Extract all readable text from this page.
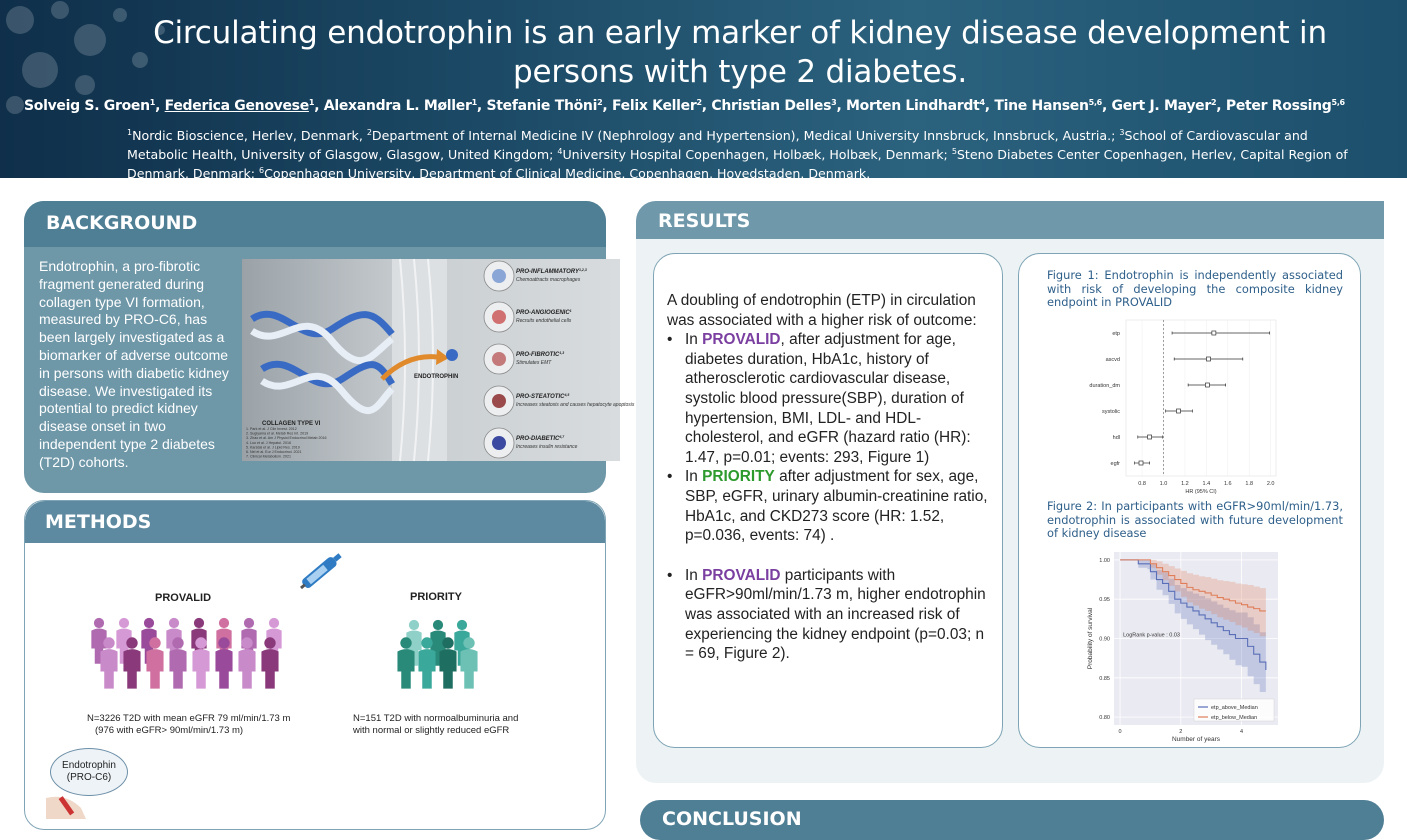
Circulating endotrophin is an early marker of kidney disease development in
persons with type 2 diabetes.
Solveig S. Groen$^1$, Federica Genovese$^1$, Alexandra L. Møller$^1$, Stefanie Thöni$^2$, Felix Keller$^2$, Christian Delles$^3$, Morten Lindhardt$^4$, Tine Hansen$^{5,6}$, Gert J. Mayer$^2$, Peter Rossing$^{5,6}$
$^1$Nordic Bioscience, Herlev, Denmark, $^2$Department of Internal Medicine IV (Nephrology and Hypertension), Medical University Innsbruck, Innsbruck, Austria.; $^3$School of Cardiovascular and Metabolic Health, University of Glasgow, Glasgow, United Kingdom; $^4$University Hospital Copenhagen, Holbæk, Holbæk, Denmark; $^5$Steno Diabetes Center Copenhagen, Herlev, Capital Region of Denmark, Denmark; $^6$Copenhagen University, Department of Clinical Medicine, Copenhagen, Hovedstaden, Denmark.
BACKGROUND
Endotrophin, a pro-fibrotic fragment generated during collagen type VI formation, measured by PRO-C6, has been largely investigated as a biomarker of adverse outcome in persons with diabetic kidney disease. We investigated its potential to predict kidney disease onset in two independent type 2 diabetes (T2D) cohorts.
ENDOTROPHIN
COLLAGEN TYPE VI
1. Park et al. J Clin Invest. 2012
2. Sugiyama et al. Metab Res Int. 2019
3. Zhao et al. Am J Physiol Endocrinol Metab 2016
4. Luo et al. J Hepatol. 2016
5. Karsdal et al. J Lipid Res. 2019
6. Nel et al. Eur J Endocrinol. 2021
7. Clinical Metabolism. 2021
PRO-INFLAMMATORY$^{1,2,3}$
Chemoattracts macrophages
PRO-ANGIOGENIC$^1$
Recruits endothelial cells
PRO-FIBROTIC$^{1,3}$
Stimulates EMT
PRO-STEATOTIC$^{4,5}$
Increases steatosis and causes hepatocyte apoptosis
PRO-DIABETIC$^{6,7}$
Increases insulin resistance
METHODS
PROVALID	PRIORITY
N=3226 T2D with mean eGFR 79 ml/min/1.73 m
(976 with eGFR> 90ml/min/1.73 m)
N=151 T2D with normoalbuminuria and
with normal or slightly reduced eGFR
Endotrophin
(PRO-C6)
RESULTS
A doubling of endotrophin (ETP) in circulation was associated with a higher risk of outcome:
• In PROVALID, after adjustment for age, diabetes duration, HbA1c, history of atherosclerotic cardiovascular disease, systolic blood pressure(SBP), duration of hypertension, BMI, LDL- and HDL-cholesterol, and eGFR (hazard ratio (HR): 1.47, p=0.01; events: 293, Figure 1)
• In PRIORITY after adjustment for sex, age, SBP, eGFR, urinary albumin-creatinine ratio, HbA1c, and CKD273 score (HR: 1.52, p=0.036, events: 74) .
• In PROVALID participants with eGFR>90ml/min/1.73 m, higher endotrophin was associated with an increased risk of experiencing the kidney endpoint (p=0.03; n = 69, Figure 2).
Figure 1: Endotrophin is independently associated with risk of developing the composite kidney endpoint in PROVALID
etp
ascvd
duration_dm
systolic
hdl
egfr
0.8	1.0	1.2	1.4	1.6	1.8	2.0
HR (95% CI)
Figure 2: In participants with eGFR>90ml/min/1.73, endotrophin is associated with future development of kidney disease
0.80
0.85
0.90
0.95
1.00
0	2	4
Number of years
Probability of survival	LogRank p-value : 0.03
etp_above_Median
etp_below_Median
CONCLUSION
